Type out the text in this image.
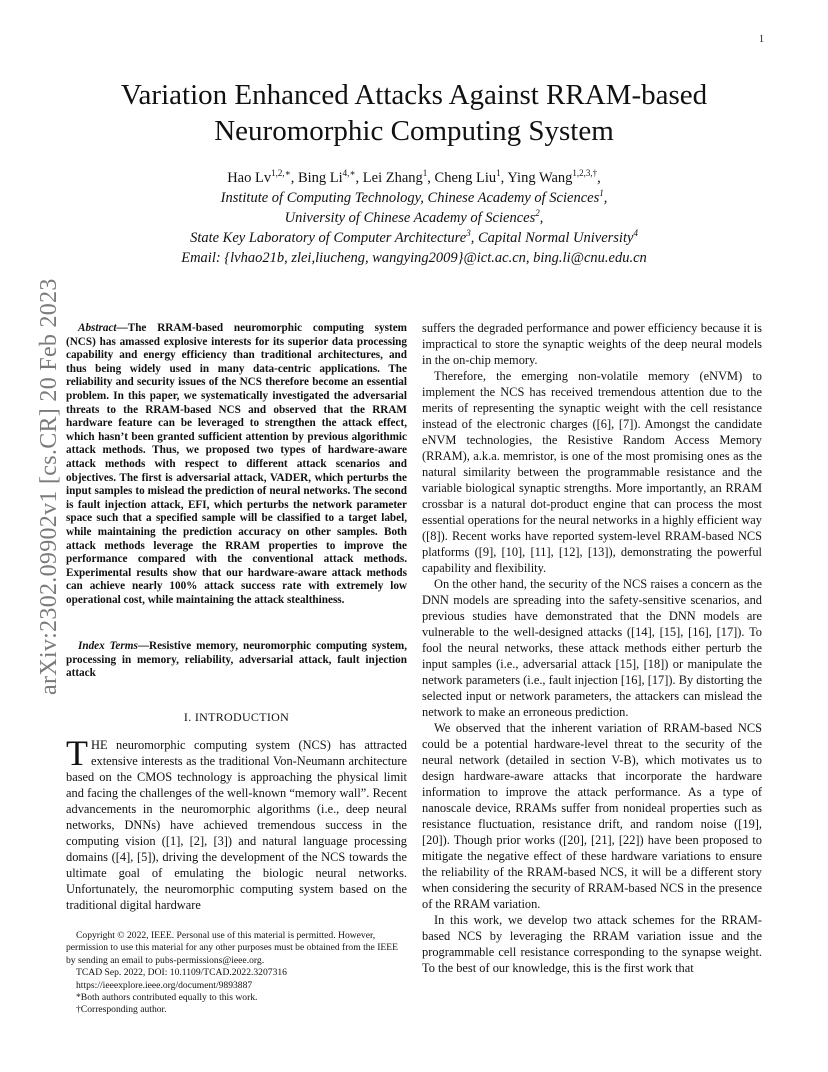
1
arXiv:2302.09902v1 [cs.CR] 20 Feb 2023
Variation Enhanced Attacks Against RRAM-based
Neuromorphic Computing System
Hao $Lv^{1,2,∗}$, Bing $Li^{4,∗}$, Lei Zhang$^1$, Cheng Liu$^1$, Ying Wang$^{1,2,3,\dagger}$,
Institute of Computing Technology, Chinese Academy of Sciences$^1$,
University of Chinese Academy of Sciences$^2$,
State Key Laboratory of Computer Architecture$^3$, Capital Normal University$^4$
Email: {lvhao21b, zlei,liucheng, wangying2009}@ict.ac.cn, bing.li@cnu.edu.cn

Abstract—The RRAM-based neuromorphic computing system (NCS) has amassed explosive interests for its superior data processing capability and energy efficiency than traditional architectures, and thus being widely used in many data-centric applications. The reliability and security issues of the NCS therefore become an essential problem. In this paper, we systematically investigated the adversarial threats to the RRAM-based NCS and observed that the RRAM hardware feature can be leveraged to strengthen the attack effect, which hasn’t been granted sufficient attention by previous algorithmic attack methods. Thus, we proposed two types of hardware-aware attack methods with respect to different attack scenarios and objectives. The first is adversarial attack, VADER, which perturbs the input samples to mislead the prediction of neural networks. The second is fault injection attack, EFI, which perturbs the network parameter space such that a specified sample will be classified to a target label, while maintaining the prediction accuracy on other samples. Both attack methods leverage the RRAM properties to improve the performance compared with the conventional attack methods. Experimental results show that our hardware-aware attack methods can achieve nearly 100% attack success rate with extremely low operational cost, while maintaining the attack stealthiness.

Index Terms—Resistive memory, neuromorphic computing system, processing in memory, reliability, adversarial attack, fault injection attack

I. INTRODUCTION

THE neuromorphic computing system (NCS) has attracted extensive interests as the traditional Von-Neumann architecture based on the CMOS technology is approaching the physical limit and facing the challenges of the well-known “memory wall”. Recent advancements in the neuromorphic algorithms (i.e., deep neural networks, DNNs) have achieved tremendous success in the computing vision ([1], [2], [3]) and natural language processing domains ([4], [5]), driving the development of the NCS towards the ultimate goal of emulating the biologic neural networks. Unfortunately, the neuromorphic computing system based on the traditional digital hardware

Copyright © 2022, IEEE. Personal use of this material is permitted. However, permission to use this material for any other purposes must be obtained from the IEEE by sending an email to pubs-permissions@ieee.org.

TCAD Sep. 2022, DOI: 10.1109/TCAD.2022.3207316

https://ieeexplore.ieee.org/document/9893887

*Both authors contributed equally to this work.

†Corresponding author.

suffers the degraded performance and power efficiency because it is impractical to store the synaptic weights of the deep neural models in the on-chip memory.

Therefore, the emerging non-volatile memory (eNVM) to implement the NCS has received tremendous attention due to the merits of representing the synaptic weight with the cell resistance instead of the electronic charges ([6], [7]). Amongst the candidate eNVM technologies, the Resistive Random Access Memory (RRAM), a.k.a. memristor, is one of the most promising ones as the natural similarity between the programmable resistance and the variable biological synaptic strengths. More importantly, an RRAM crossbar is a natural dot-product engine that can process the most essential operations for the neural networks in a highly efficient way ([8]). Recent works have reported system-level RRAM-based NCS platforms ([9], [10], [11], [12], [13]), demonstrating the powerful capability and flexibility.

On the other hand, the security of the NCS raises a concern as the DNN models are spreading into the safety-sensitive scenarios, and previous studies have demonstrated that the DNN models are vulnerable to the well-designed attacks ([14], [15], [16], [17]). To fool the neural networks, these attack methods either perturb the input samples (i.e., adversarial attack [15], [18]) or manipulate the network parameters (i.e., fault injection [16], [17]). By distorting the selected input or network parameters, the attackers can mislead the network to make an erroneous prediction.

We observed that the inherent variation of RRAM-based NCS could be a potential hardware-level threat to the security of the neural network (detailed in section V-B), which motivates us to design hardware-aware attacks that incorporate the hardware information to improve the attack performance. As a type of nanoscale device, RRAMs suffer from nonideal properties such as resistance fluctuation, resistance drift, and random noise ([19], [20]). Though prior works ([20], [21], [22]) have been proposed to mitigate the negative effect of these hardware variations to ensure the reliability of the RRAM-based NCS, it will be a different story when considering the security of RRAM-based NCS in the presence of the RRAM variation.

In this work, we develop two attack schemes for the RRAM-based NCS by leveraging the RRAM variation issue and the programmable cell resistance corresponding to the synapse weight. To the best of our knowledge, this is the first work that
